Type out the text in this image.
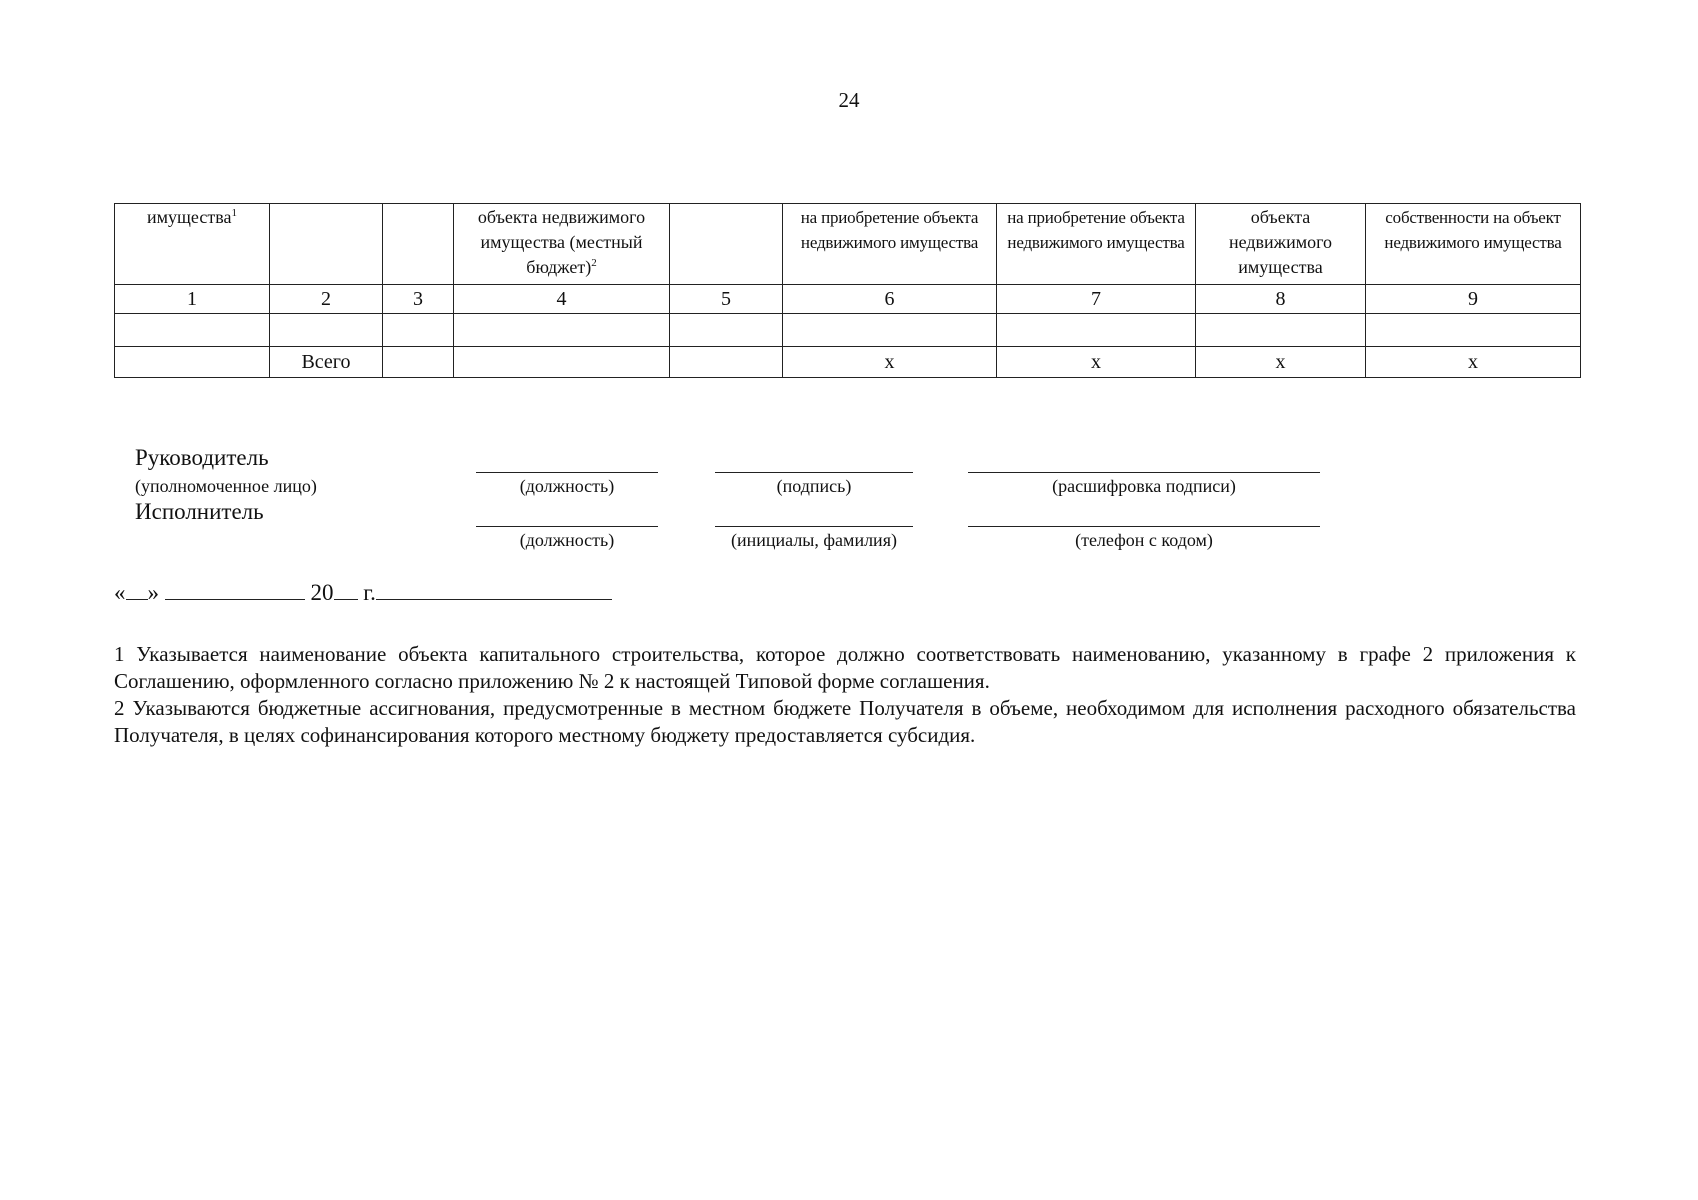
24
имущества$^1$			объекта недвижимого имущества (местный бюджет)$^2$		на приобретение объекта недвижимого имущества	на приобретение объекта недвижимого имущества	объекта недвижимого имущества	собственности на объект недвижимого имущества
1	2	3	4	5	6	7	8	9

	Всего				x	x	x	x
Руководитель
(уполномоченное лицо)	(должность)	(подпись)	(расшифровка подписи)
Исполнитель
(должность)	(инициалы, фамилия)	(телефон с кодом)
« »	20 г.
1 Указывается наименование объекта капитального строительства, которое должно соответствовать наименованию, указанному в графе 2 приложения к Соглашению, оформленного согласно приложению № 2 к настоящей Типовой форме соглашения.
2 Указываются бюджетные ассигнования, предусмотренные в местном бюджете Получателя в объеме, необходимом для исполнения расходного обязательства Получателя, в целях софинансирования которого местному бюджету предоставляется субсидия.
